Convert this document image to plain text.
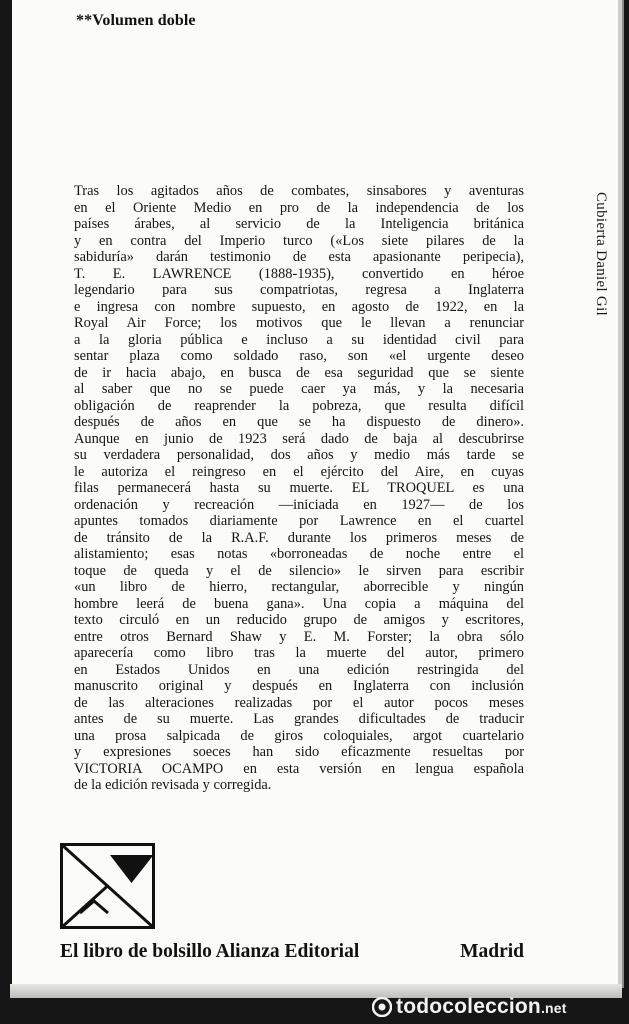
**Volumen doble
Tras los agitados años de combates, sinsabores y aventuras
en el Oriente Medio en pro de la independencia de los
países árabes, al servicio de la Inteligencia británica
y en contra del Imperio turco («Los siete pilares de la
sabiduría» darán testimonio de esta apasionante peripecia),
T. E. LAWRENCE (1888-1935), convertido en héroe
legendario para sus compatriotas, regresa a Inglaterra
e ingresa con nombre supuesto, en agosto de 1922, en la
Royal Air Force; los motivos que le llevan a renunciar
a la gloria pública e incluso a su identidad civil para
sentar plaza como soldado raso, son «el urgente deseo
de ir hacia abajo, en busca de esa seguridad que se siente
al saber que no se puede caer ya más, y la necesaria
obligación de reaprender la pobreza, que resulta difícil
después de años en que se ha dispuesto de dinero».
Aunque en junio de 1923 será dado de baja al descubrirse
su verdadera personalidad, dos años y medio más tarde se
le autoriza el reingreso en el ejército del Aire, en cuyas
filas permanecerá hasta su muerte. EL TROQUEL es una
ordenación y recreación —iniciada en 1927— de los
apuntes tomados diariamente por Lawrence en el cuartel
de tránsito de la R.A.F. durante los primeros meses de
alistamiento; esas notas «borroneadas de noche entre el
toque de queda y el de silencio» le sirven para escribir
«un libro de hierro, rectangular, aborrecible y ningún
hombre leerá de buena gana». Una copia a máquina del
texto circuló en un reducido grupo de amigos y escritores,
entre otros Bernard Shaw y E. M. Forster; la obra sólo
aparecería como libro tras la muerte del autor, primero
en Estados Unidos en una edición restringida del
manuscrito original y después en Inglaterra con inclusión
de las alteraciones realizadas por el autor pocos meses
antes de su muerte. Las grandes dificultades de traducir
una prosa salpicada de giros coloquiales, argot cuartelario
y expresiones soeces han sido eficazmente resueltas por
VICTORIA OCAMPO en esta versión en lengua española
de la edición revisada y corregida.
Cubierta Daniel Gil
El libro de bolsillo Alianza Editorial	Madrid
todocoleccion.net
